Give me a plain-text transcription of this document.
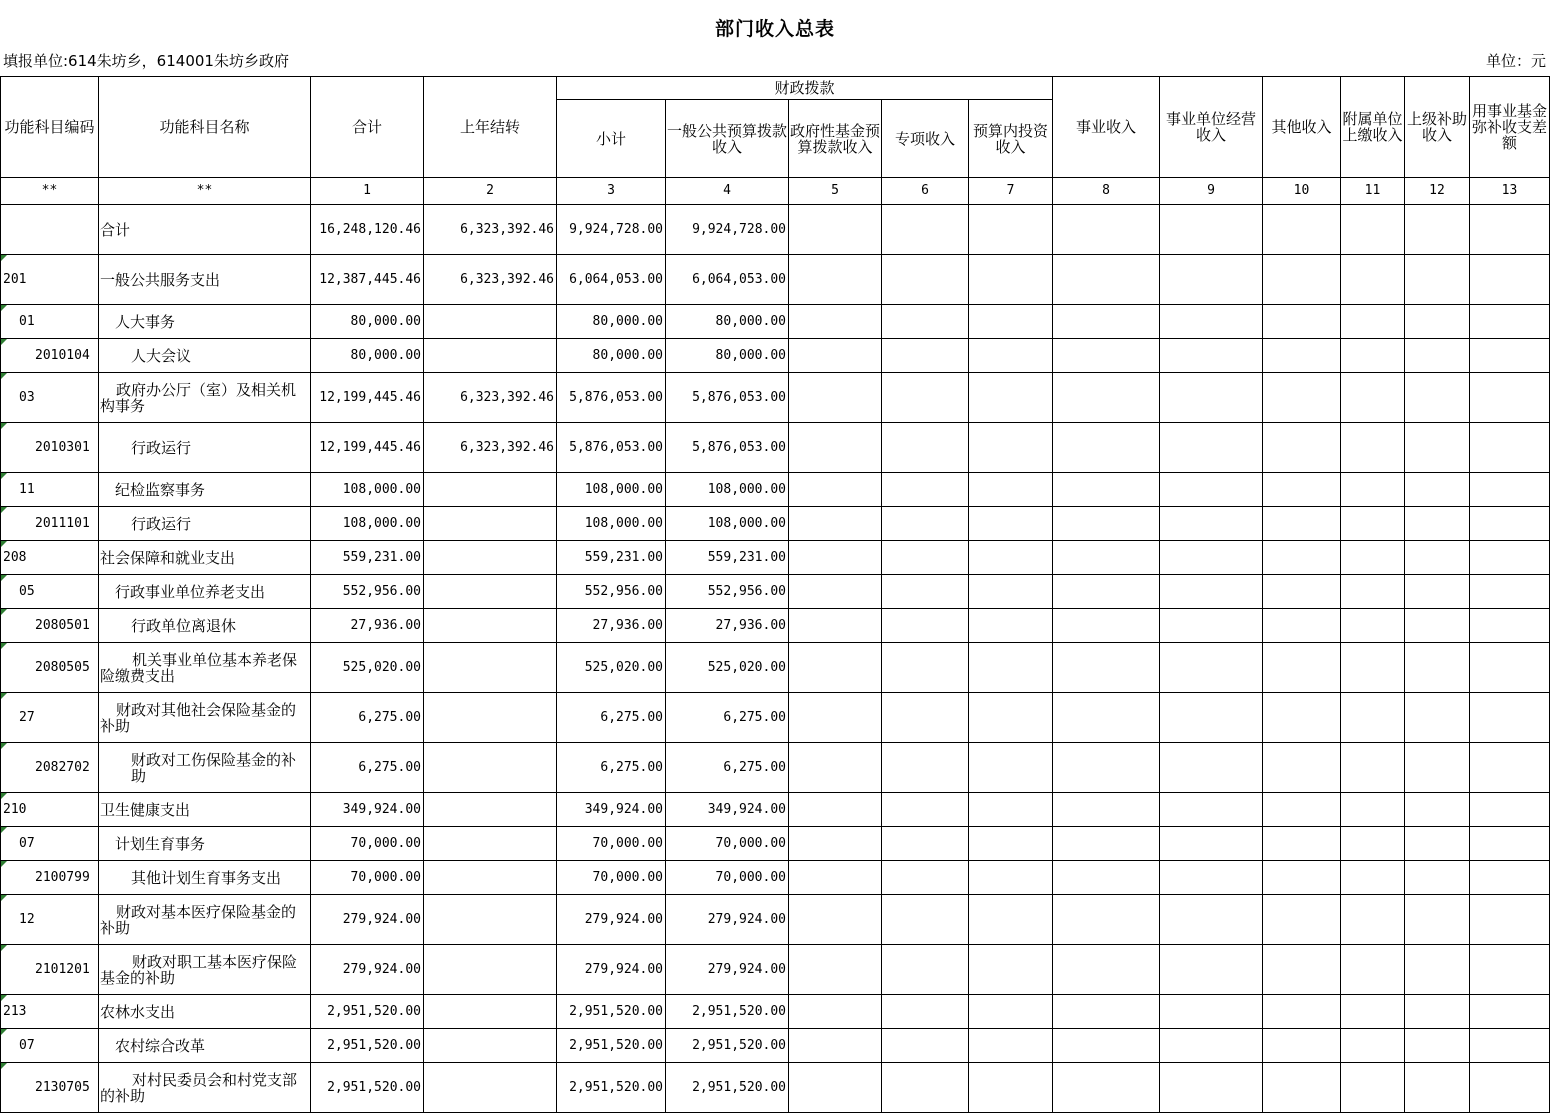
部门收入总表
填报单位:614朱坊乡，614001朱坊乡政府	单位：元
功能科目编码	功能科目名称	合计	上年结转	财政拨款					事业收入	事业单位经营收入	其他收入	附属单位上缴收入	上级补助收入	用事业基金弥补收支差额
				小计	一般公共预算拨款收入	政府性基金预算拨款收入	专项收入	预算内投资收入						
**	**	1	2	3	4	5	6	7	8	9	10	11	12	13
	合计	16,248,120.46	6,323,392.46	9,924,728.00	9,924,728.00									
201	一般公共服务支出	12,387,445.46	6,323,392.46	6,064,053.00	6,064,053.00									
01	人大事务	80,000.00		80,000.00	80,000.00									
2010104	人大会议	80,000.00		80,000.00	80,000.00									
03	政府办公厅（室）及相关机构事务	12,199,445.46	6,323,392.46	5,876,053.00	5,876,053.00									
2010301	行政运行	12,199,445.46	6,323,392.46	5,876,053.00	5,876,053.00									
11	纪检监察事务	108,000.00		108,000.00	108,000.00									
2011101	行政运行	108,000.00		108,000.00	108,000.00									
208	社会保障和就业支出	559,231.00		559,231.00	559,231.00									
05	行政事业单位养老支出	552,956.00		552,956.00	552,956.00									
2080501	行政单位离退休	27,936.00		27,936.00	27,936.00									
2080505	机关事业单位基本养老保险缴费支出	525,020.00		525,020.00	525,020.00									
27	财政对其他社会保险基金的补助	6,275.00		6,275.00	6,275.00									
2082702	财政对工伤保险基金的补助	6,275.00		6,275.00	6,275.00									
210	卫生健康支出	349,924.00		349,924.00	349,924.00									
07	计划生育事务	70,000.00		70,000.00	70,000.00									
2100799	其他计划生育事务支出	70,000.00		70,000.00	70,000.00									
12	财政对基本医疗保险基金的补助	279,924.00		279,924.00	279,924.00									
2101201	财政对职工基本医疗保险基金的补助	279,924.00		279,924.00	279,924.00									
213	农林水支出	2,951,520.00		2,951,520.00	2,951,520.00									
07	农村综合改革	2,951,520.00		2,951,520.00	2,951,520.00									
2130705	对村民委员会和村党支部的补助	2,951,520.00		2,951,520.00	2,951,520.00									
